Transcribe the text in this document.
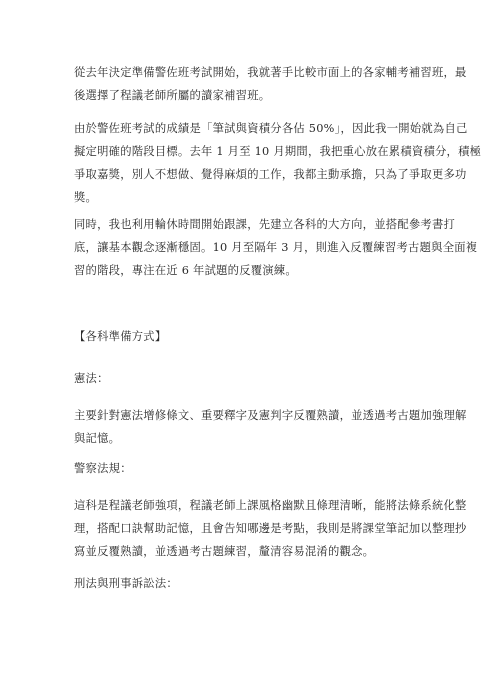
從去年決定準備警佐班考試開始，我就著手比較市面上的各家輔考補習班，最
後選擇了程議老師所屬的讀家補習班。

由於警佐班考試的成績是「筆試與資積分各佔 50%」，因此我一開始就為自己
擬定明確的階段目標。去年 1 月至 10 月期間，我把重心放在累積資積分，積極
爭取嘉獎，別人不想做、覺得麻煩的工作，我都主動承擔，只為了爭取更多功
獎。

同時，我也利用輪休時間開始跟課，先建立各科的大方向，並搭配參考書打
底，讓基本觀念逐漸穩固。10 月至隔年 3 月，則進入反覆練習考古題與全面複
習的階段，專注在近 6 年試題的反覆演練。

【各科準備方式】
憲法：

主要針對憲法增修條文、重要釋字及憲判字反覆熟讀，並透過考古題加強理解
與記憶。

警察法規：

這科是程議老師強項，程議老師上課風格幽默且條理清晰，能將法條系統化整
理，搭配口訣幫助記憶，且會告知哪邊是考點，我則是將課堂筆記加以整理抄
寫並反覆熟讀，並透過考古題練習，釐清容易混淆的觀念。

刑法與刑事訴訟法：
